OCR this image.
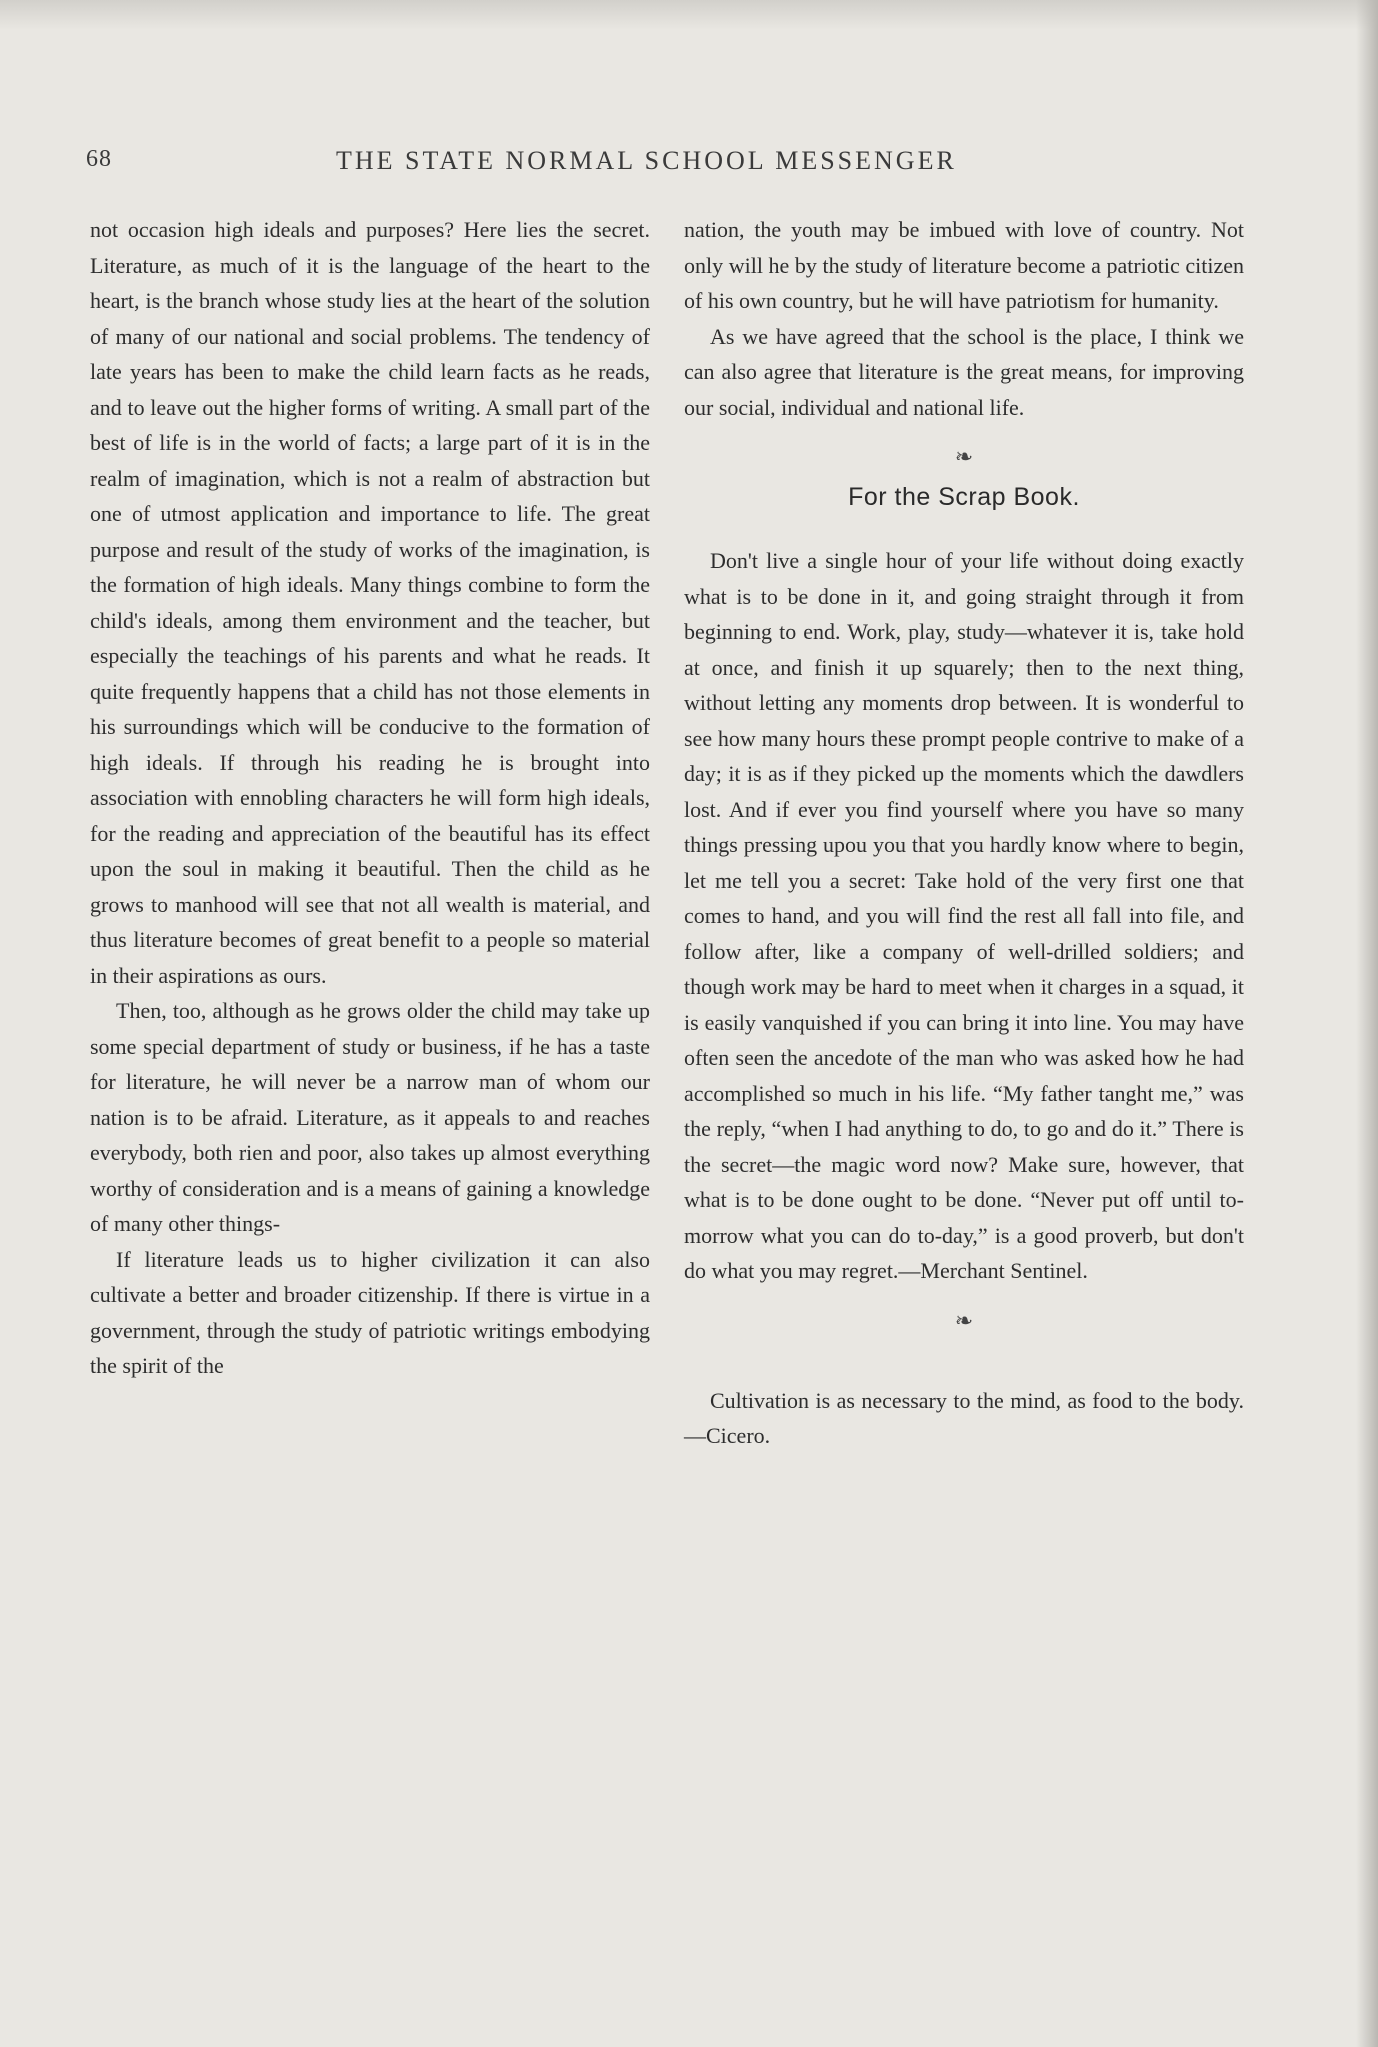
68	THE STATE NORMAL SCHOOL MESSENGER

not occasion high ideals and purposes? Here lies the secret. Literature, as much of it is the language of the heart to the heart, is the branch whose study lies at the heart of the solution of many of our national and social problems. The tendency of late years has been to make the child learn facts as he reads, and to leave out the higher forms of writing. A small part of the best of life is in the world of facts; a large part of it is in the realm of imagination, which is not a realm of abstraction but one of utmost application and importance to life. The great purpose and result of the study of works of the imagination, is the formation of high ideals. Many things combine to form the child's ideals, among them environment and the teacher, but especially the teachings of his parents and what he reads. It quite frequently happens that a child has not those elements in his surroundings which will be conducive to the formation of high ideals. If through his reading he is brought into association with ennobling characters he will form high ideals, for the reading and appreciation of the beautiful has its effect upon the soul in making it beautiful. Then the child as he grows to manhood will see that not all wealth is material, and thus literature becomes of great benefit to a people so material in their aspirations as ours.

Then, too, although as he grows older the child may take up some special department of study or business, if he has a taste for literature, he will never be a narrow man of whom our nation is to be afraid. Literature, as it appeals to and reaches everybody, both rien and poor, also takes up almost everything worthy of consideration and is a means of gaining a knowledge of many other things-

If literature leads us to higher civilization it can also cultivate a better and broader citizenship. If there is virtue in a government, through the study of patriotic writings embodying the spirit of the

nation, the youth may be imbued with love of country. Not only will he by the study of literature become a patriotic citizen of his own country, but he will have patriotism for humanity.

As we have agreed that the school is the place, I think we can also agree that literature is the great means, for improving our social, individual and national life.

❧
For the Scrap Book.

Don't live a single hour of your life without doing exactly what is to be done in it, and going straight through it from beginning to end. Work, play, study—whatever it is, take hold at once, and finish it up squarely; then to the next thing, without letting any moments drop between. It is wonderful to see how many hours these prompt people contrive to make of a day; it is as if they picked up the moments which the dawdlers lost. And if ever you find yourself where you have so many things pressing upou you that you hardly know where to begin, let me tell you a secret: Take hold of the very first one that comes to hand, and you will find the rest all fall into file, and follow after, like a company of well-drilled soldiers; and though work may be hard to meet when it charges in a squad, it is easily vanquished if you can bring it into line. You may have often seen the ancedote of the man who was asked how he had accomplished so much in his life. “My father tanght me,” was the reply, “when I had anything to do, to go and do it.” There is the secret—the magic word now? Make sure, however, that what is to be done ought to be done. “Never put off until to-morrow what you can do to-day,” is a good proverb, but don't do what you may regret.—Merchant Sentinel.

❧

Cultivation is as necessary to the mind, as food to the body.—Cicero.
